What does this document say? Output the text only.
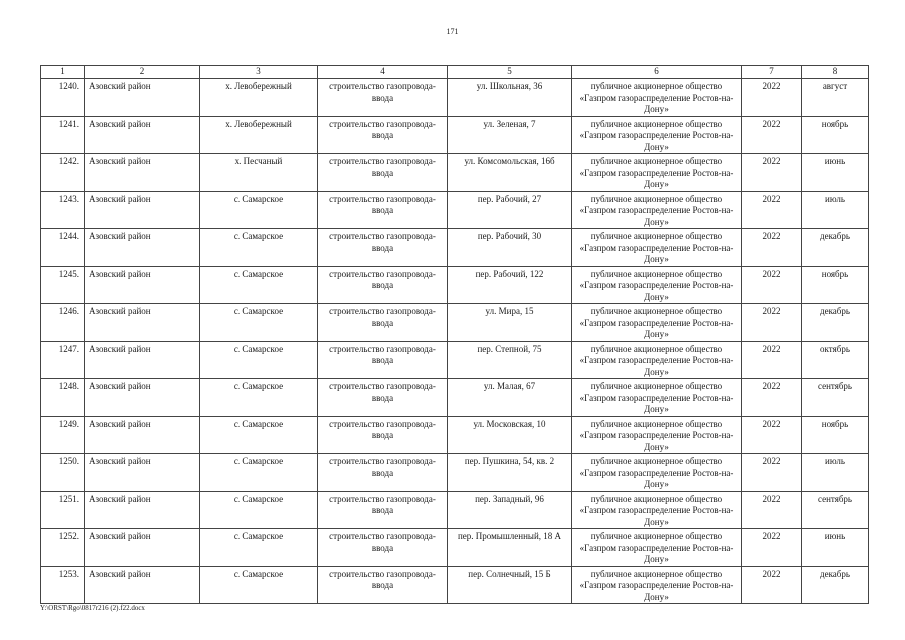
171
1	2	3	4	5	6	7	8
1240.	Азовский район	х. Левобережный	строительство газопровода-ввода	ул. Школьная, 36	публичное акционерное общество «Газпром газораспределение Ростов-на-Дону»	2022	август
1241.	Азовский район	х. Левобережный	строительство газопровода-ввода	ул. Зеленая, 7	публичное акционерное общество «Газпром газораспределение Ростов-на-Дону»	2022	ноябрь
1242.	Азовский район	х. Песчаный	строительство газопровода-ввода	ул. Комсомольская, 16б	публичное акционерное общество «Газпром газораспределение Ростов-на-Дону»	2022	июнь
1243.	Азовский район	с. Самарское	строительство газопровода-ввода	пер. Рабочий, 27	публичное акционерное общество «Газпром газораспределение Ростов-на-Дону»	2022	июль
1244.	Азовский район	с. Самарское	строительство газопровода-ввода	пер. Рабочий, 30	публичное акционерное общество «Газпром газораспределение Ростов-на-Дону»	2022	декабрь
1245.	Азовский район	с. Самарское	строительство газопровода-ввода	пер. Рабочий, 122	публичное акционерное общество «Газпром газораспределение Ростов-на-Дону»	2022	ноябрь
1246.	Азовский район	с. Самарское	строительство газопровода-ввода	ул. Мира, 15	публичное акционерное общество «Газпром газораспределение Ростов-на-Дону»	2022	декабрь
1247.	Азовский район	с. Самарское	строительство газопровода-ввода	пер. Степной, 75	публичное акционерное общество «Газпром газораспределение Ростов-на-Дону»	2022	октябрь
1248.	Азовский район	с. Самарское	строительство газопровода-ввода	ул. Малая, 67	публичное акционерное общество «Газпром газораспределение Ростов-на-Дону»	2022	сентябрь
1249.	Азовский район	с. Самарское	строительство газопровода-ввода	ул. Московская, 10	публичное акционерное общество «Газпром газораспределение Ростов-на-Дону»	2022	ноябрь
1250.	Азовский район	с. Самарское	строительство газопровода-ввода	пер. Пушкина, 54, кв. 2	публичное акционерное общество «Газпром газораспределение Ростов-на-Дону»	2022	июль
1251.	Азовский район	с. Самарское	строительство газопровода-ввода	пер. Западный, 96	публичное акционерное общество «Газпром газораспределение Ростов-на-Дону»	2022	сентябрь
1252.	Азовский район	с. Самарское	строительство газопровода-ввода	пер. Промышленный, 18 А	публичное акционерное общество «Газпром газораспределение Ростов-на-Дону»	2022	июнь
1253.	Азовский район	с. Самарское	строительство газопровода-ввода	пер. Солнечный, 15 Б	публичное акционерное общество «Газпром газораспределение Ростов-на-Дону»	2022	декабрь
Y:\ORST\Rgo\0817r216 (2).f22.docx
